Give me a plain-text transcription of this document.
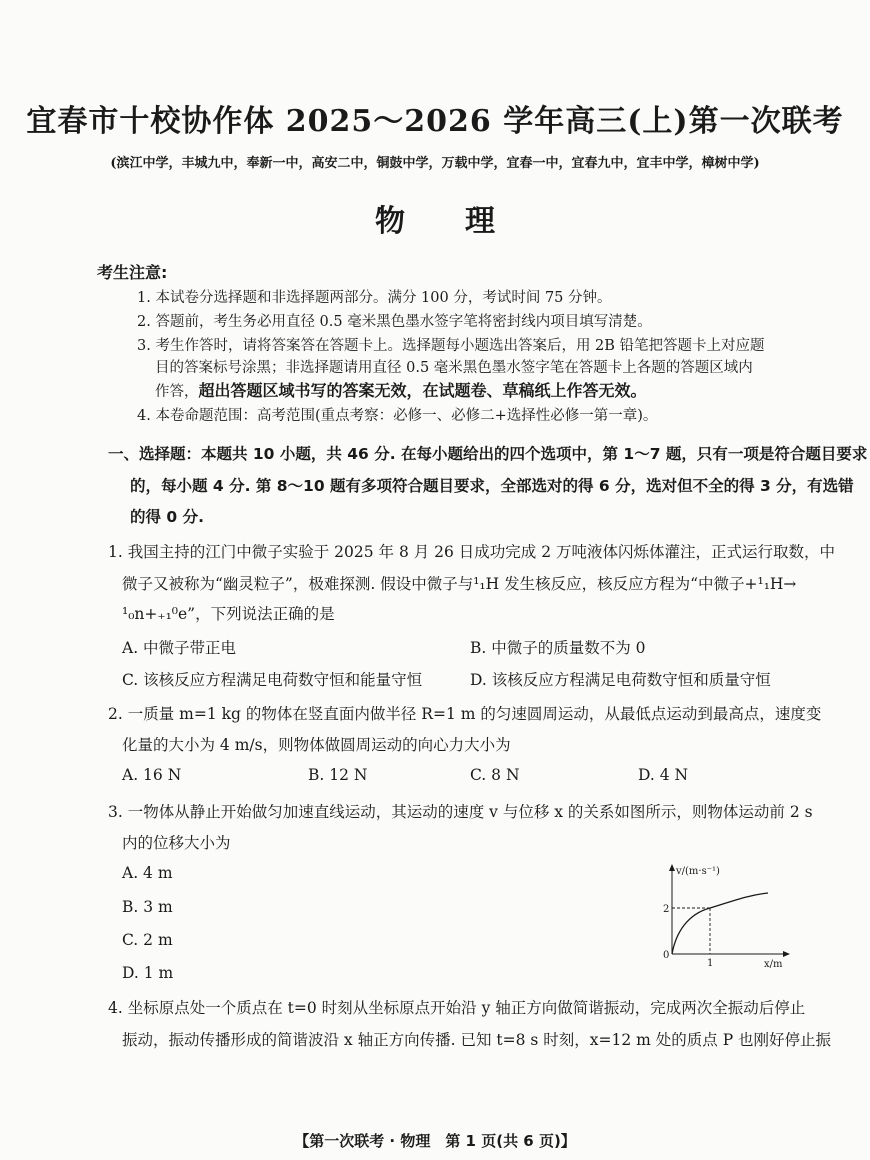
宜春市十校协作体 2025～2026 学年高三(上)第一次联考
(滨江中学，丰城九中，奉新一中，高安二中，铜鼓中学，万载中学，宜春一中，宜春九中，宜丰中学，樟树中学)
物理
考生注意:
1. 本试卷分选择题和非选择题两部分。满分 100 分，考试时间 75 分钟。
2. 答题前，考生务必用直径 0.5 毫米黑色墨水签字笔将密封线内项目填写清楚。
3. 考生作答时，请将答案答在答题卡上。选择题每小题选出答案后，用 2B 铅笔把答题卡上对应题
目的答案标号涂黑；非选择题请用直径 0.5 毫米黑色墨水签字笔在答题卡上各题的答题区域内
作答，超出答题区域书写的答案无效，在试题卷、草稿纸上作答无效。
4. 本卷命题范围：高考范围(重点考察：必修一、必修二+选择性必修一第一章)。
一、选择题：本题共 10 小题，共 46 分. 在每小题给出的四个选项中，第 1～7 题，只有一项是符合题目要求
的，每小题 4 分. 第 8～10 题有多项符合题目要求，全部选对的得 6 分，选对但不全的得 3 分，有选错
的得 0 分.
1. 我国主持的江门中微子实验于 2025 年 8 月 26 日成功完成 2 万吨液体闪烁体灌注，正式运行取数，中
微子又被称为“幽灵粒子”，极难探测. 假设中微子与¹₁H 发生核反应，核反应方程为“中微子+¹₁H→
¹₀n+₊₁⁰e”，下列说法正确的是
A. 中微子带正电	B. 中微子的质量数不为 0
C. 该核反应方程满足电荷数守恒和能量守恒	D. 该核反应方程满足电荷数守恒和质量守恒
2. 一质量 m=1 kg 的物体在竖直面内做半径 R=1 m 的匀速圆周运动，从最低点运动到最高点，速度变
化量的大小为 4 m/s，则物体做圆周运动的向心力大小为
A. 16 N	B. 12 N	C. 8 N	D. 4 N
3. 一物体从静止开始做匀加速直线运动，其运动的速度 v 与位移 x 的关系如图所示，则物体运动前 2 s
内的位移大小为
A. 4 m
B. 3 m
C. 2 m
D. 1 m
v/(m·s⁻¹)
x/m
0
2
1
4. 坐标原点处一个质点在 t=0 时刻从坐标原点开始沿 y 轴正方向做简谐振动，完成两次全振动后停止
振动，振动传播形成的简谐波沿 x 轴正方向传播. 已知 t=8 s 时刻，x=12 m 处的质点 P 也刚好停止振
【第一次联考 · 物理　第 1 页(共 6 页)】
